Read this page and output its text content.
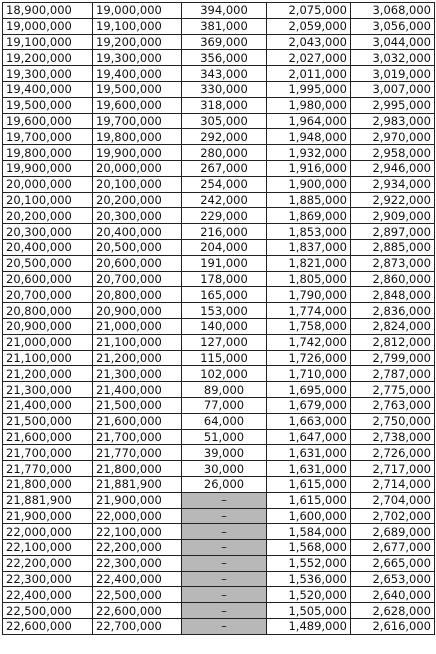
18,900,000	19,000,000	394,000	2,075,000	3,068,000
19,000,000	19,100,000	381,000	2,059,000	3,056,000
19,100,000	19,200,000	369,000	2,043,000	3,044,000
19,200,000	19,300,000	356,000	2,027,000	3,032,000
19,300,000	19,400,000	343,000	2,011,000	3,019,000
19,400,000	19,500,000	330,000	1,995,000	3,007,000
19,500,000	19,600,000	318,000	1,980,000	2,995,000
19,600,000	19,700,000	305,000	1,964,000	2,983,000
19,700,000	19,800,000	292,000	1,948,000	2,970,000
19,800,000	19,900,000	280,000	1,932,000	2,958,000
19,900,000	20,000,000	267,000	1,916,000	2,946,000
20,000,000	20,100,000	254,000	1,900,000	2,934,000
20,100,000	20,200,000	242,000	1,885,000	2,922,000
20,200,000	20,300,000	229,000	1,869,000	2,909,000
20,300,000	20,400,000	216,000	1,853,000	2,897,000
20,400,000	20,500,000	204,000	1,837,000	2,885,000
20,500,000	20,600,000	191,000	1,821,000	2,873,000
20,600,000	20,700,000	178,000	1,805,000	2,860,000
20,700,000	20,800,000	165,000	1,790,000	2,848,000
20,800,000	20,900,000	153,000	1,774,000	2,836,000
20,900,000	21,000,000	140,000	1,758,000	2,824,000
21,000,000	21,100,000	127,000	1,742,000	2,812,000
21,100,000	21,200,000	115,000	1,726,000	2,799,000
21,200,000	21,300,000	102,000	1,710,000	2,787,000
21,300,000	21,400,000	89,000	1,695,000	2,775,000
21,400,000	21,500,000	77,000	1,679,000	2,763,000
21,500,000	21,600,000	64,000	1,663,000	2,750,000
21,600,000	21,700,000	51,000	1,647,000	2,738,000
21,700,000	21,770,000	39,000	1,631,000	2,726,000
21,770,000	21,800,000	30,000	1,631,000	2,717,000
21,800,000	21,881,900	26,000	1,615,000	2,714,000
21,881,900	21,900,000	–	1,615,000	2,704,000
21,900,000	22,000,000	–	1,600,000	2,702,000
22,000,000	22,100,000	–	1,584,000	2,689,000
22,100,000	22,200,000	–	1,568,000	2,677,000
22,200,000	22,300,000	–	1,552,000	2,665,000
22,300,000	22,400,000	–	1,536,000	2,653,000
22,400,000	22,500,000	–	1,520,000	2,640,000
22,500,000	22,600,000	–	1,505,000	2,628,000
22,600,000	22,700,000	–	1,489,000	2,616,000
